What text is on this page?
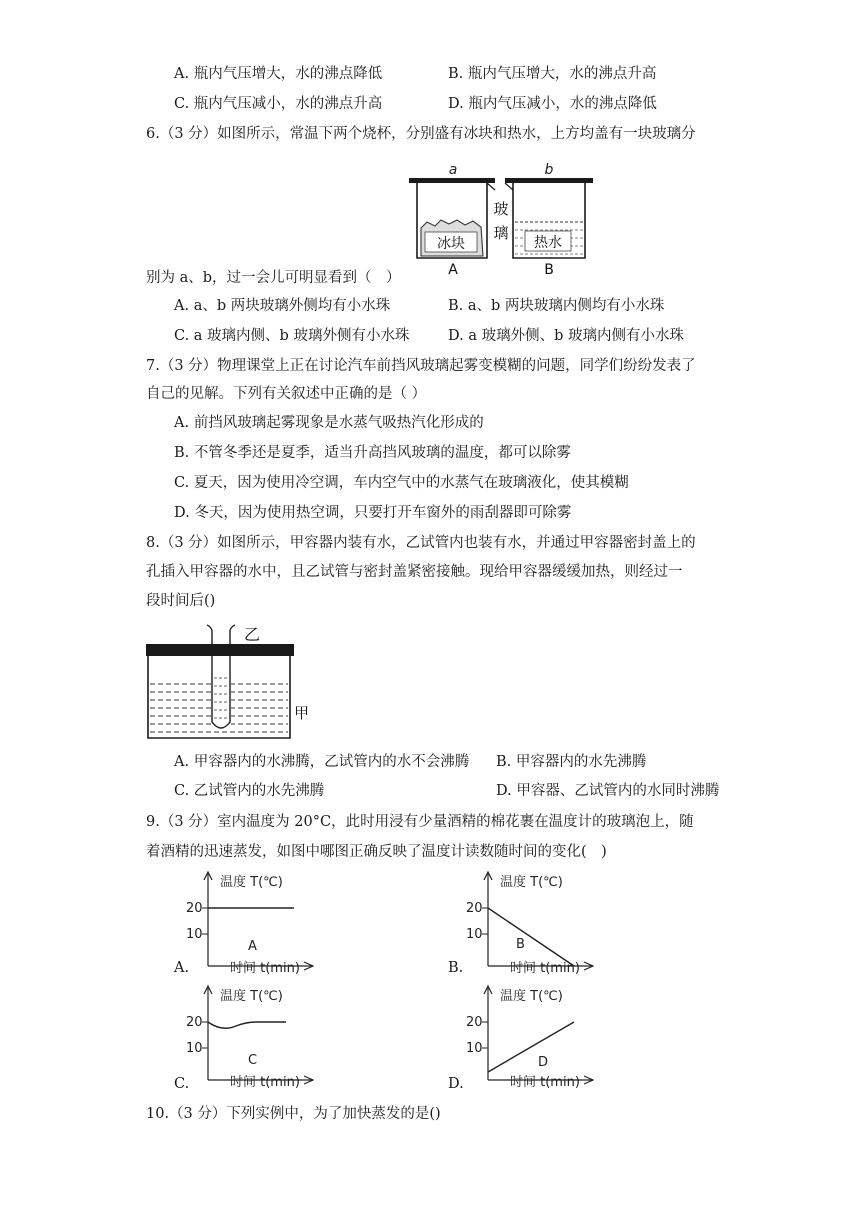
A. 瓶内气压增大，水的沸点降低	B. 瓶内气压增大，水的沸点升高
C. 瓶内气压减小，水的沸点升高	D. 瓶内气压减小，水的沸点降低
6.（3 分）如图所示，常温下两个烧杯，分别盛有冰块和热水，上方均盖有一块玻璃分
a	b
冰块
玻
璃
热水
A	B
别为 a、b，过一会儿可明显看到（　）
A. a、b 两块玻璃外侧均有小水珠	B. a、b 两块玻璃内侧均有小水珠
C. a 玻璃内侧、b 玻璃外侧有小水珠	D. a 玻璃外侧、b 玻璃内侧有小水珠
7.（3 分）物理课堂上正在讨论汽车前挡风玻璃起雾变模糊的问题，同学们纷纷发表了
自己的见解。下列有关叙述中正确的是（ ）
A. 前挡风玻璃起雾现象是水蒸气吸热汽化形成的
B. 不管冬季还是夏季，适当升高挡风玻璃的温度，都可以除雾
C. 夏天，因为使用冷空调，车内空气中的水蒸气在玻璃液化，使其模糊
D. 冬天，因为使用热空调，只要打开车窗外的雨刮器即可除雾
8.（3 分）如图所示，甲容器内装有水，乙试管内也装有水，并通过甲容器密封盖上的
孔插入甲容器的水中，且乙试管与密封盖紧密接触。现给甲容器缓缓加热，则经过一
段时间后()
乙
甲
A. 甲容器内的水沸腾，乙试管内的水不会沸腾 B. 甲容器内的水先沸腾
C. 乙试管内的水先沸腾	D. 甲容器、乙试管内的水同时沸腾
9.（3 分）室内温度为 20°C，此时用浸有少量酒精的棉花裹在温度计的玻璃泡上，随
着酒精的迅速蒸发，如图中哪图正确反映了温度计读数随时间的变化(　)
A.
温度 T(℃)
20
10
A
时间 t(min)	B.
温度 T(℃)
20
10
B
时间 t(min)
C.
温度 T(℃)
20
10
C
时间 t(min)	D.
温度 T(℃)
20
10
D
时间 t(min)
10.（3 分）下列实例中，为了加快蒸发的是()
